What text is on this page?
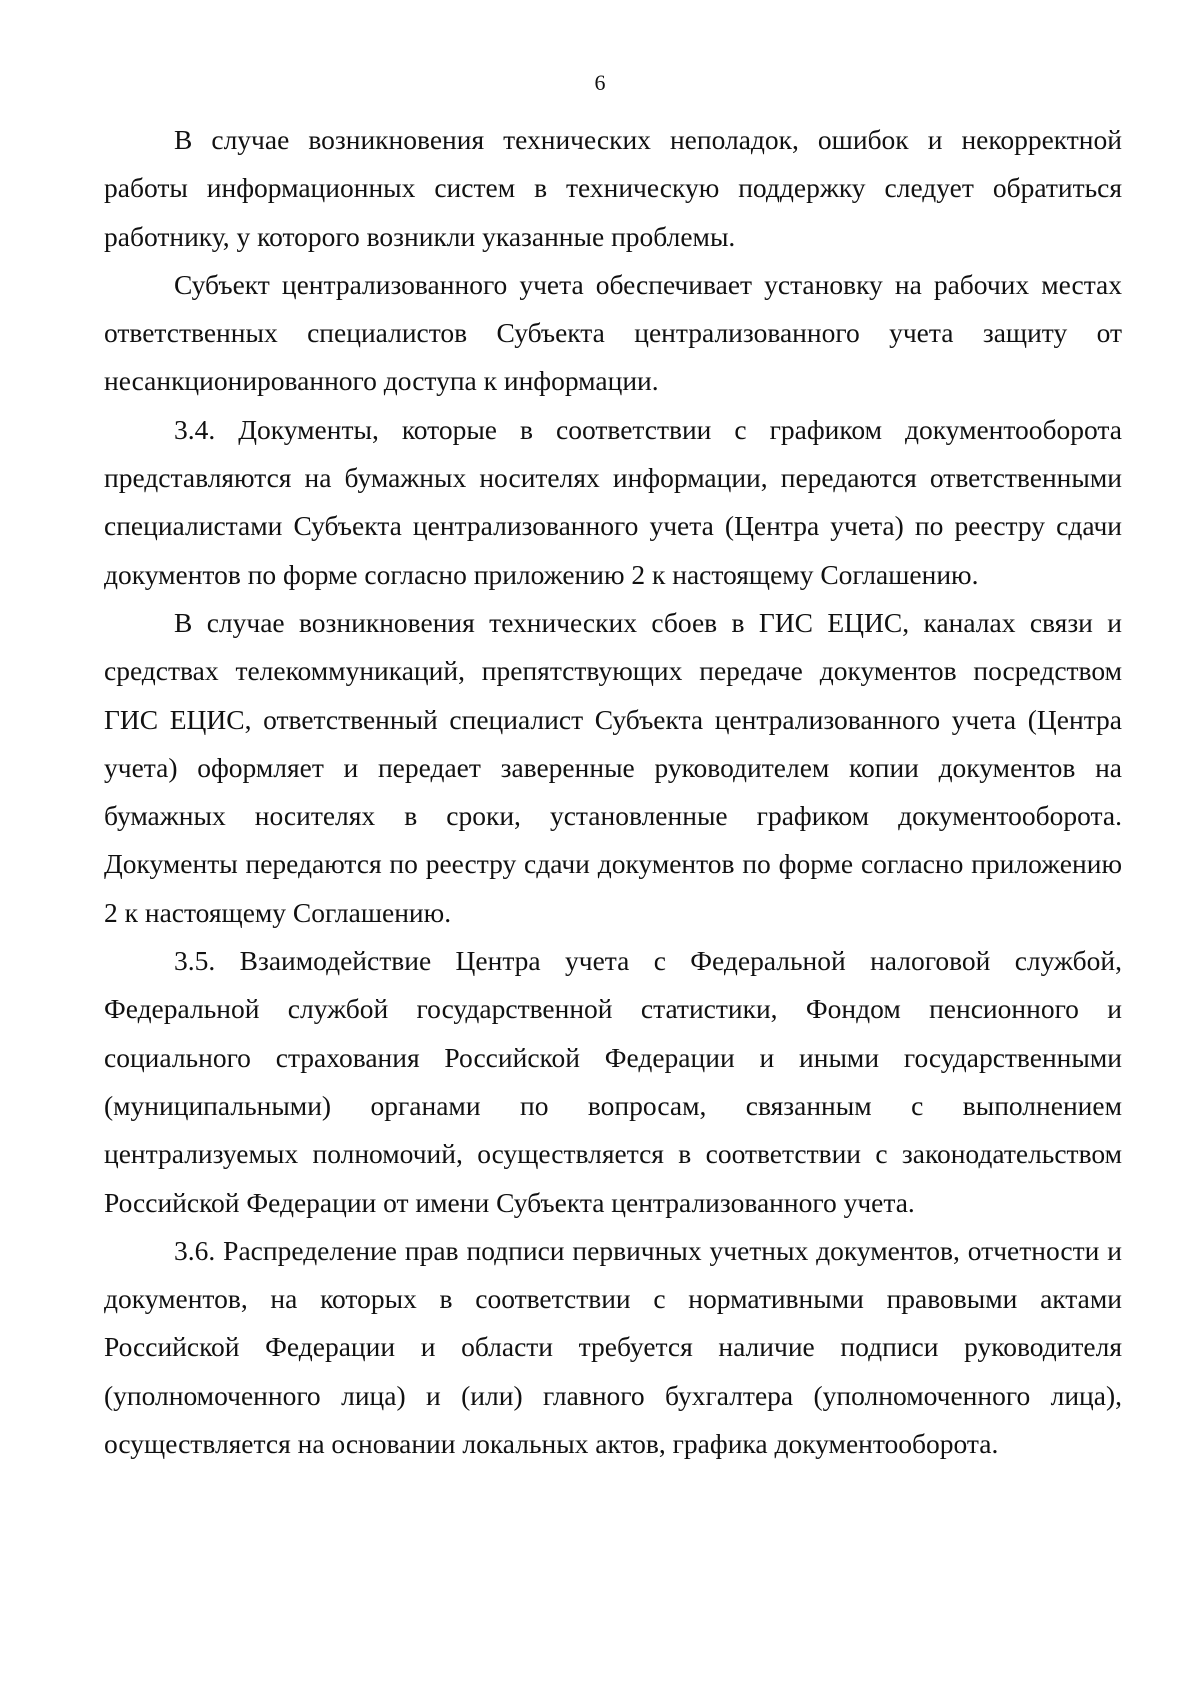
6

В случае возникновения технических неполадок, ошибок и некорректной работы информационных систем в техническую поддержку следует обратиться работнику, у которого возникли указанные проблемы.

Субъект централизованного учета обеспечивает установку на рабочих местах ответственных специалистов Субъекта централизованного учета защиту от несанкционированного доступа к информации.

3.4. Документы, которые в соответствии с графиком документооборота представляются на бумажных носителях информации, передаются ответственными специалистами Субъекта централизованного учета (Центра учета) по реестру сдачи документов по форме согласно приложению 2 к настоящему Соглашению.

В случае возникновения технических сбоев в ГИС ЕЦИС, каналах связи и средствах телекоммуникаций, препятствующих передаче документов посредством ГИС ЕЦИС, ответственный специалист Субъекта централизованного учета (Центра учета) оформляет и передает заверенные руководителем копии документов на бумажных носителях в сроки, установленные графиком документооборота. Документы передаются по реестру сдачи документов по форме согласно приложению 2 к настоящему Соглашению.

3.5. Взаимодействие Центра учета с Федеральной налоговой службой, Федеральной службой государственной статистики, Фондом пенсионного и социального страхования Российской Федерации и иными государственными (муниципальными) органами по вопросам, связанным с выполнением централизуемых полномочий, осуществляется в соответствии с законодательством Российской Федерации от имени Субъекта централизованного учета.

3.6. Распределение прав подписи первичных учетных документов, отчетности и документов, на которых в соответствии с нормативными правовыми актами Российской Федерации и области требуется наличие подписи руководителя (уполномоченного лица) и (или) главного бухгалтера (уполномоченного лица), осуществляется на основании локальных актов, графика документооборота.
